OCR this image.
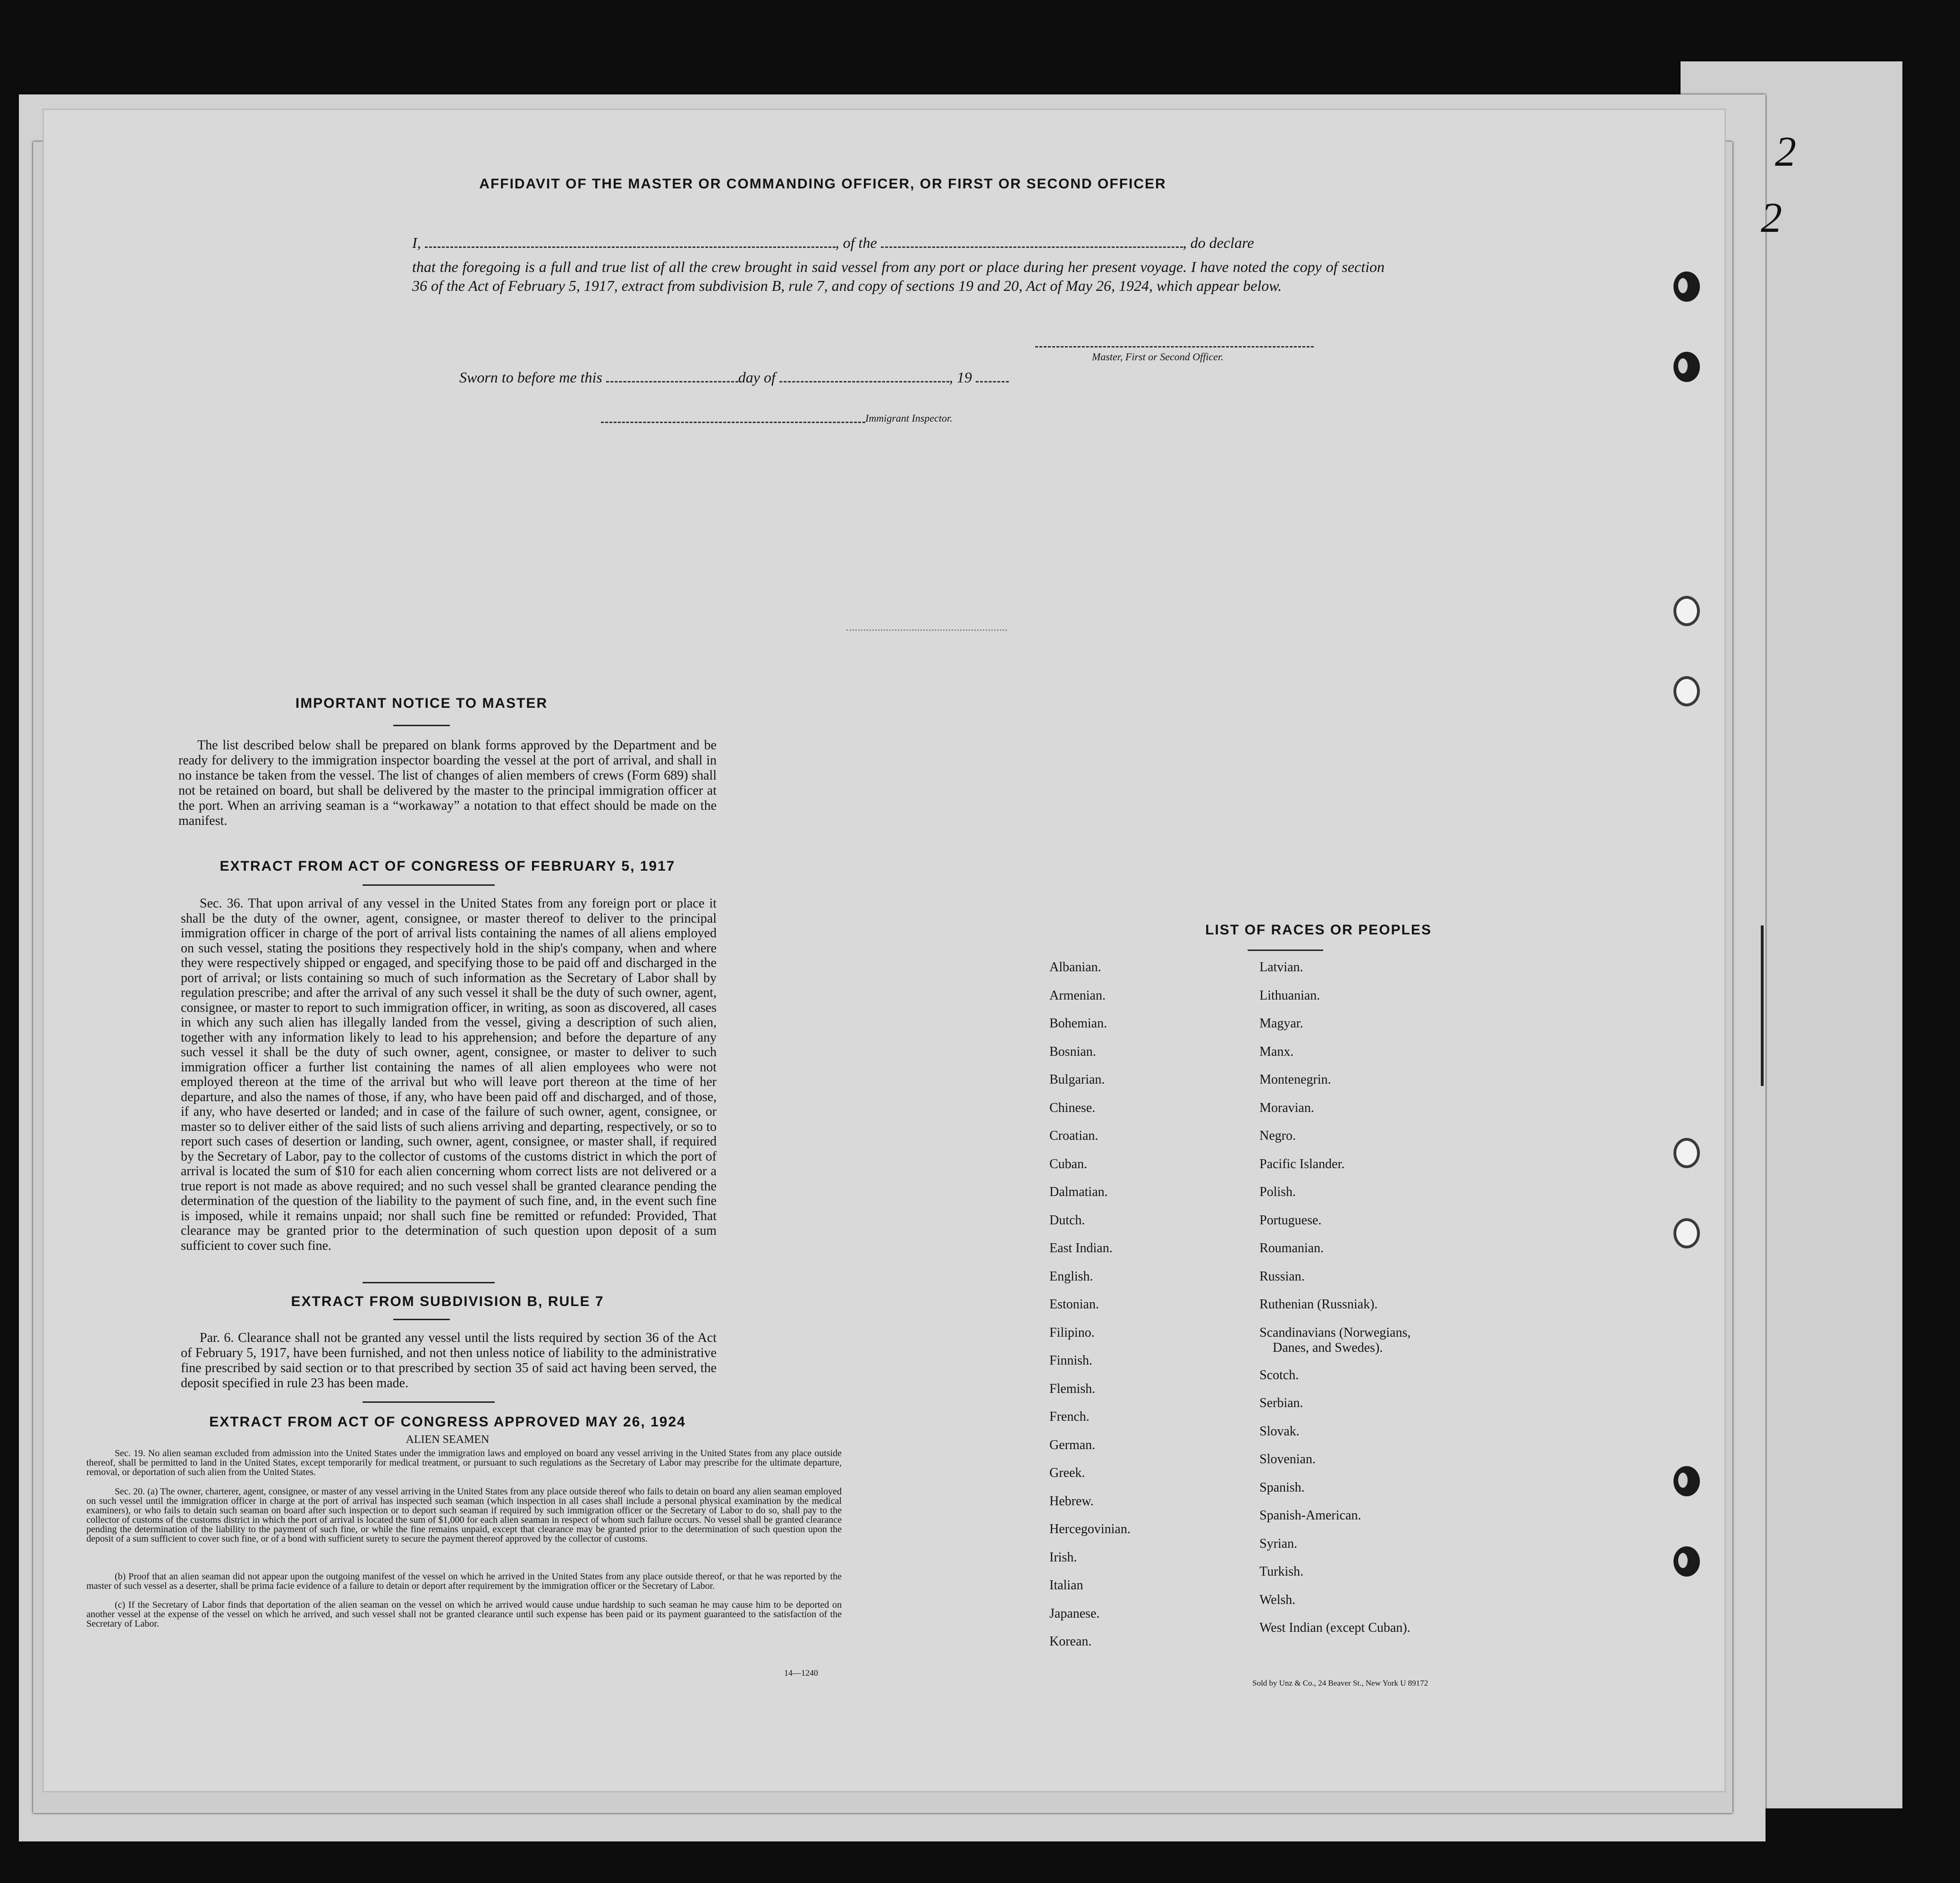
AFFIDAVIT OF THE MASTER OR COMMANDING OFFICER, OR FIRST OR SECOND OFFICER
I,	, of the	, do declare
that the foregoing is a full and true list of all the crew brought in said vessel from any port or place during her present voyage. I have noted the copy of section 36 of the Act of February 5, 1917, extract from subdivision B, rule 7, and copy of sections 19 and 20, Act of May 26, 1924, which appear below.
Master, First or Second Officer.
Sworn to before me this	day of	, 19
Immigrant Inspector.
IMPORTANT NOTICE TO MASTER
The list described below shall be prepared on blank forms approved by the Department and be ready for delivery to the immigration inspector boarding the vessel at the port of arrival, and shall in no instance be taken from the vessel. The list of changes of alien members of crews (Form 689) shall not be retained on board, but shall be delivered by the master to the principal immigration officer at the port. When an arriving seaman is a “workaway” a notation to that effect should be made on the manifest.
EXTRACT FROM ACT OF CONGRESS OF FEBRUARY 5, 1917
Sec. 36. That upon arrival of any vessel in the United States from any foreign port or place it shall be the duty of the owner, agent, consignee, or master thereof to deliver to the principal immigration officer in charge of the port of arrival lists containing the names of all aliens employed on such vessel, stating the positions they respectively hold in the ship's company, when and where they were respectively shipped or engaged, and specifying those to be paid off and discharged in the port of arrival; or lists containing so much of such information as the Secretary of Labor shall by regulation prescribe; and after the arrival of any such vessel it shall be the duty of such owner, agent, consignee, or master to report to such immigration officer, in writing, as soon as discovered, all cases in which any such alien has illegally landed from the vessel, giving a description of such alien, together with any information likely to lead to his apprehension; and before the departure of any such vessel it shall be the duty of such owner, agent, consignee, or master to deliver to such immigration officer a further list containing the names of all alien employees who were not employed thereon at the time of the arrival but who will leave port thereon at the time of her departure, and also the names of those, if any, who have been paid off and discharged, and of those, if any, who have deserted or landed; and in case of the failure of such owner, agent, consignee, or master so to deliver either of the said lists of such aliens arriving and departing, respectively, or so to report such cases of desertion or landing, such owner, agent, consignee, or master shall, if required by the Secretary of Labor, pay to the collector of customs of the customs district in which the port of arrival is located the sum of $10 for each alien concerning whom correct lists are not delivered or a true report is not made as above required; and no such vessel shall be granted clearance pending the determination of the question of the liability to the payment of such fine, and, in the event such fine is imposed, while it remains unpaid; nor shall such fine be remitted or refunded: Provided, That clearance may be granted prior to the determination of such question upon deposit of a sum sufficient to cover such fine.
EXTRACT FROM SUBDIVISION B, RULE 7
Par. 6. Clearance shall not be granted any vessel until the lists required by section 36 of the Act of February 5, 1917, have been furnished, and not then unless notice of liability to the administrative fine prescribed by said section or to that prescribed by section 35 of said act having been served, the deposit specified in rule 23 has been made.
EXTRACT FROM ACT OF CONGRESS APPROVED MAY 26, 1924
ALIEN SEAMEN
Sec. 19. No alien seaman excluded from admission into the United States under the immigration laws and employed on board any vessel arriving in the United States from any place outside thereof, shall be permitted to land in the United States, except temporarily for medical treatment, or pursuant to such regulations as the Secretary of Labor may prescribe for the ultimate departure, removal, or deportation of such alien from the United States.
Sec. 20. (a) The owner, charterer, agent, consignee, or master of any vessel arriving in the United States from any place outside thereof who fails to detain on board any alien seaman employed on such vessel until the immigration officer in charge at the port of arrival has inspected such seaman (which inspection in all cases shall include a personal physical examination by the medical examiners), or who fails to detain such seaman on board after such inspection or to deport such seaman if required by such immigration officer or the Secretary of Labor to do so, shall pay to the collector of customs of the customs district in which the port of arrival is located the sum of $1,000 for each alien seaman in respect of whom such failure occurs. No vessel shall be granted clearance pending the determination of the liability to the payment of such fine, or while the fine remains unpaid, except that clearance may be granted prior to the determination of such question upon the deposit of a sum sufficient to cover such fine, or of a bond with sufficient surety to secure the payment thereof approved by the collector of customs.
(b) Proof that an alien seaman did not appear upon the outgoing manifest of the vessel on which he arrived in the United States from any place outside thereof, or that he was reported by the master of such vessel as a deserter, shall be prima facie evidence of a failure to detain or deport after requirement by the immigration officer or the Secretary of Labor.
(c) If the Secretary of Labor finds that deportation of the alien seaman on the vessel on which he arrived would cause undue hardship to such seaman he may cause him to be deported on another vessel at the expense of the vessel on which he arrived, and such vessel shall not be granted clearance until such expense has been paid or its payment guaranteed to the satisfaction of the Secretary of Labor.
14—1240
LIST OF RACES OR PEOPLES
Albanian.
Armenian.
Bohemian.
Bosnian.
Bulgarian.
Chinese.
Croatian.
Cuban.
Dalmatian.
Dutch.
East Indian.
English.
Estonian.
Filipino.
Finnish.
Flemish.
French.
German.
Greek.
Hebrew.
Hercegovinian.
Irish.
Italian
Japanese.
Korean.
Latvian.
Lithuanian.
Magyar.
Manx.
Montenegrin.
Moravian.
Negro.
Pacific Islander.
Polish.
Portuguese.
Roumanian.
Russian.
Ruthenian (Russniak).
Scandinavians (Norwegians,
Danes, and Swedes).
Scotch.
Serbian.
Slovak.
Slovenian.
Spanish.
Spanish-American.
Syrian.
Turkish.
Welsh.
West Indian (except Cuban).
Sold by Unz & Co., 24 Beaver St., New York U 89172
2
2
